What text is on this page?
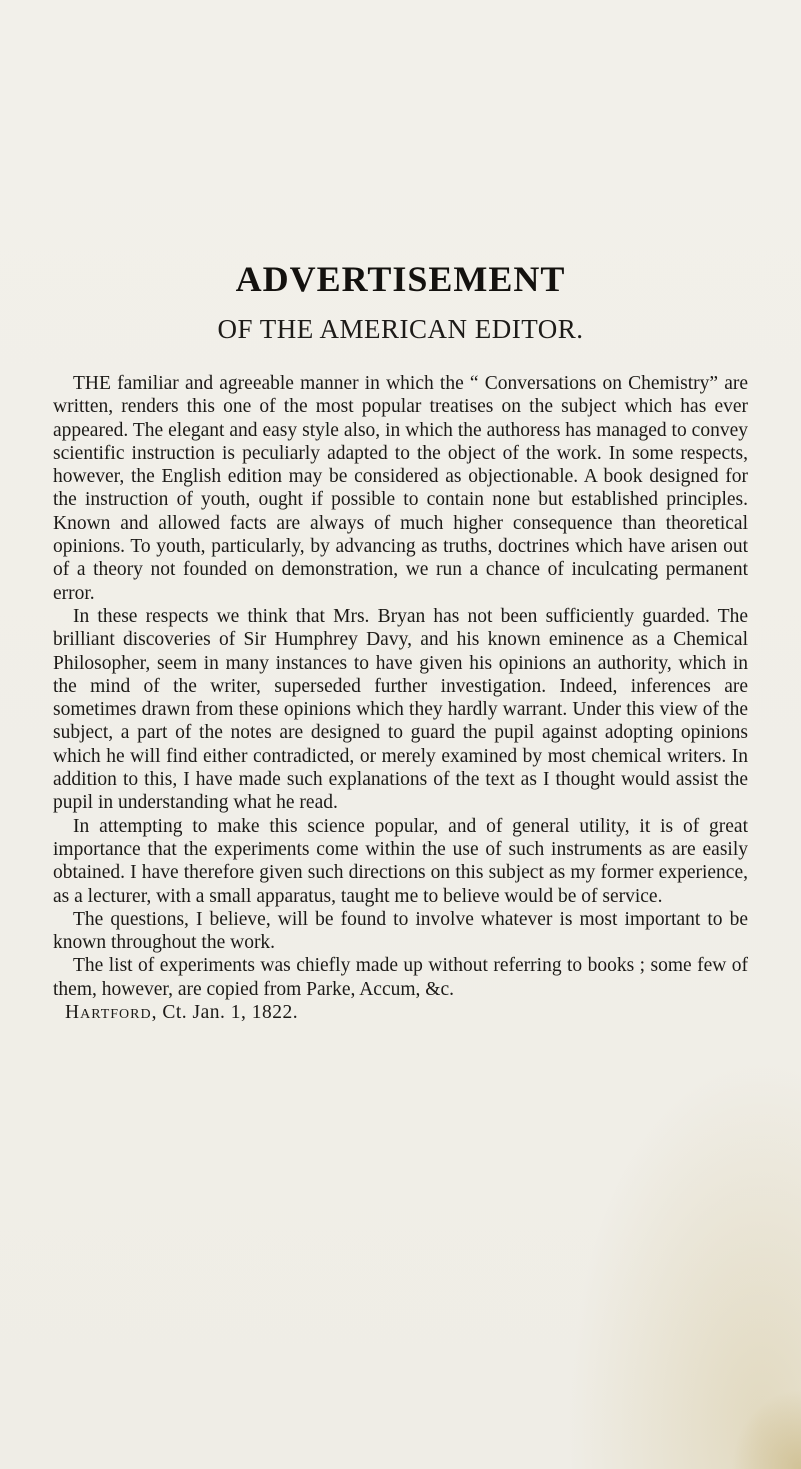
ADVERTISEMENT
OF THE AMERICAN EDITOR.

THE familiar and agreeable manner in which the “ Conversations on Chemistry” are written, renders this one of the most popular treatises on the subject which has ever appeared. The elegant and easy style also, in which the authoress has managed to convey scientific instruction is peculiarly adapted to the object of the work. In some respects, however, the English edition may be considered as objectionable. A book designed for the instruction of youth, ought if possible to contain none but established principles. Known and allowed facts are always of much higher consequence than theoretical opinions. To youth, particularly, by advancing as truths, doctrines which have arisen out of a theory not founded on demonstration, we run a chance of inculcating permanent error.

In these respects we think that Mrs. Bryan has not been sufficiently guarded. The brilliant discoveries of Sir Humphrey Davy, and his known eminence as a Chemical Philosopher, seem in many instances to have given his opinions an authority, which in the mind of the writer, superseded further investigation. Indeed, inferences are sometimes drawn from these opinions which they hardly warrant. Under this view of the subject, a part of the notes are designed to guard the pupil against adopting opinions which he will find either contradicted, or merely examined by most chemical writers. In addition to this, I have made such explanations of the text as I thought would assist the pupil in understanding what he read.

In attempting to make this science popular, and of general utility, it is of great importance that the experiments come within the use of such instruments as are easily obtained. I have therefore given such directions on this subject as my former experience, as a lecturer, with a small apparatus, taught me to believe would be of service.

The questions, I believe, will be found to involve whatever is most important to be known throughout the work.

The list of experiments was chiefly made up without referring to books ; some few of them, however, are copied from Parke, Accum, &c.

Hartford, Ct. Jan. 1, 1822.
